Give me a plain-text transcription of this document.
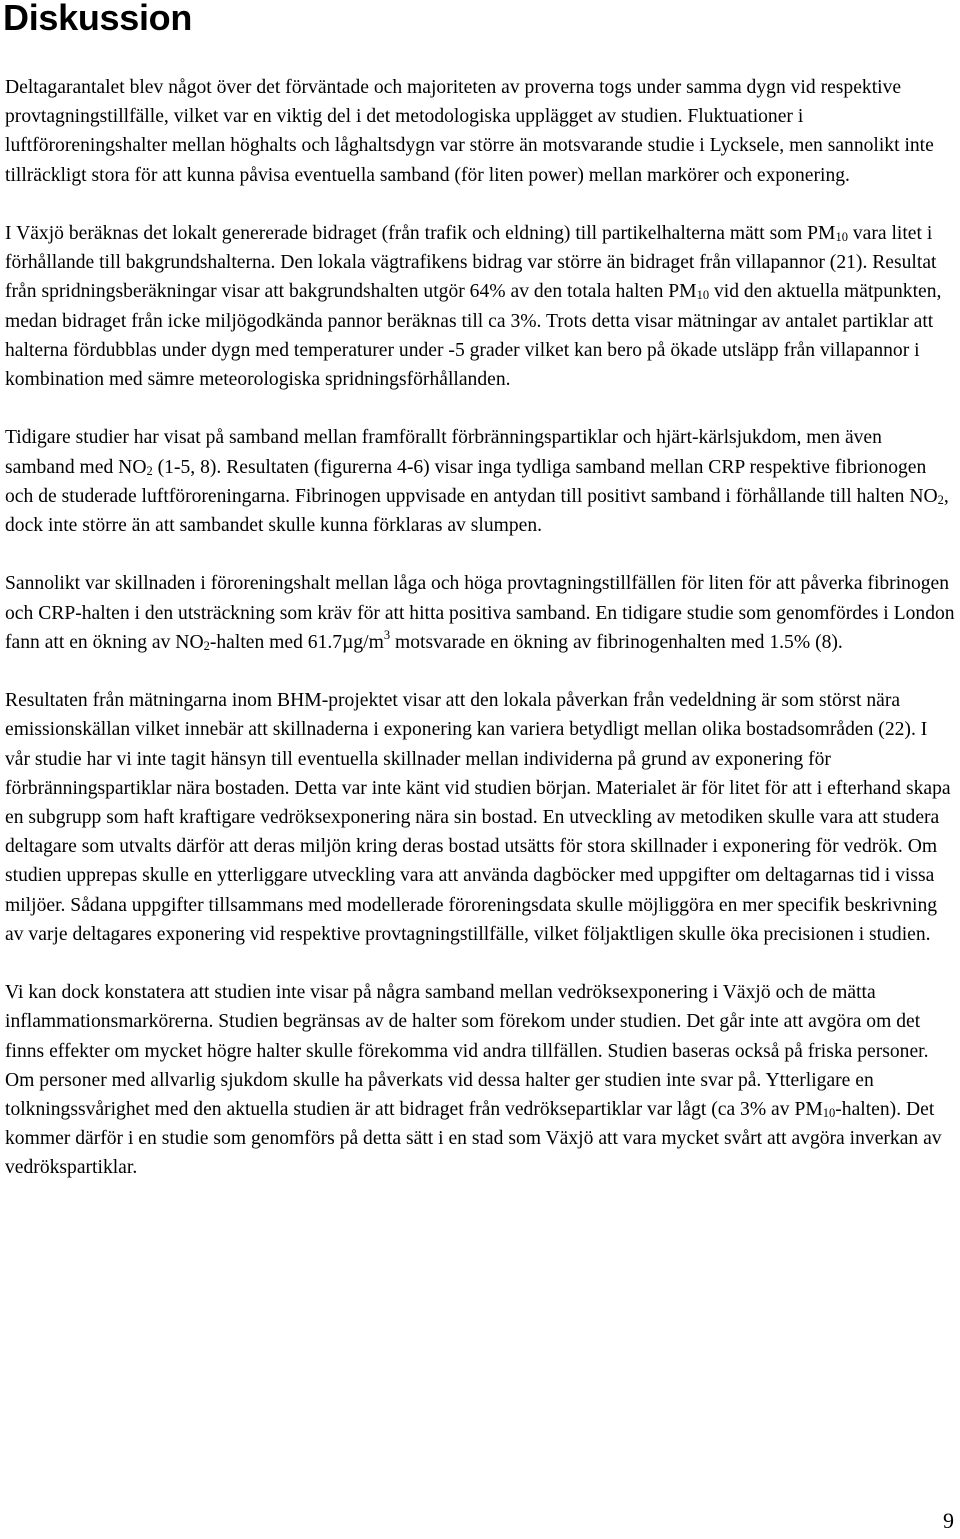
Diskussion

Deltagarantalet blev något över det förväntade och majoriteten av proverna togs under samma dygn vid respektive provtagningstillfälle, vilket var en viktig del i det metodologiska upplägget av studien. Fluktuationer i luftföroreningshalter mellan höghalts och låghaltsdygn var större än motsvarande studie i Lycksele, men sannolikt inte tillräckligt stora för att kunna påvisa eventuella samband (för liten power) mellan markörer och exponering.

I Växjö beräknas det lokalt genererade bidraget (från trafik och eldning) till partikelhalterna mätt som $PM_{10}$ vara litet i förhållande till bakgrundshalterna. Den lokala vägtrafikens bidrag var större än bidraget från villapannor (21). Resultat från spridningsberäkningar visar att bakgrundshalten utgör 64% av den totala halten $PM_{10}$ vid den aktuella mätpunkten, medan bidraget från icke miljögodkända pannor beräknas till ca 3%. Trots detta visar mätningar av antalet partiklar att halterna fördubblas under dygn med temperaturer under -5 grader vilket kan bero på ökade utsläpp från villapannor i kombination med sämre meteorologiska spridningsförhållanden.

Tidigare studier har visat på samband mellan framförallt förbränningspartiklar och hjärt-kärlsjukdom, men även samband med $NO_2$ (1-5, 8). Resultaten (figurerna 4-6) visar inga tydliga samband mellan CRP respektive fibrionogen och de studerade luftföroreningarna. Fibrinogen uppvisade en antydan till positivt samband i förhållande till halten $NO_2$, dock inte större än att sambandet skulle kunna förklaras av slumpen.

Sannolikt var skillnaden i föroreningshalt mellan låga och höga provtagningstillfällen för liten för att påverka fibrinogen och CRP-halten i den utsträckning som kräv för att hitta positiva samband. En tidigare studie som genomfördes i London fann att en ökning av $NO_2$-halten med $61.7\mu g/m^3$ motsvarade en ökning av fibrinogenhalten med 1.5% (8).

Resultaten från mätningarna inom BHM-projektet visar att den lokala påverkan från vedeldning är som störst nära emissionskällan vilket innebär att skillnaderna i exponering kan variera betydligt mellan olika bostadsområden (22). I vår studie har vi inte tagit hänsyn till eventuella skillnader mellan individerna på grund av exponering för förbränningspartiklar nära bostaden. Detta var inte känt vid studien början. Materialet är för litet för att i efterhand skapa en subgrupp som haft kraftigare vedröksexponering nära sin bostad. En utveckling av metodiken skulle vara att studera deltagare som utvalts därför att deras miljön kring deras bostad utsätts för stora skillnader i exponering för vedrök. Om studien upprepas skulle en ytterliggare utveckling vara att använda dagböcker med uppgifter om deltagarnas tid i vissa miljöer. Sådana uppgifter tillsammans med modellerade föroreningsdata skulle möjliggöra en mer specifik beskrivning av varje deltagares exponering vid respektive provtagningstillfälle, vilket följaktligen skulle öka precisionen i studien.

Vi kan dock konstatera att studien inte visar på några samband mellan vedröksexponering i Växjö och de mätta inflammationsmarkörerna. Studien begränsas av de halter som förekom under studien. Det går inte att avgöra om det finns effekter om mycket högre halter skulle förekomma vid andra tillfällen. Studien baseras också på friska personer. Om personer med allvarlig sjukdom skulle ha påverkats vid dessa halter ger studien inte svar på. Ytterligare en tolkningssvårighet med den aktuella studien är att bidraget från vedröksepartiklar var lågt (ca 3% av $PM_{10}-halten$). Det kommer därför i en studie som genomförs på detta sätt i en stad som Växjö att vara mycket svårt att avgöra inverkan av vedrökspartiklar.

9
